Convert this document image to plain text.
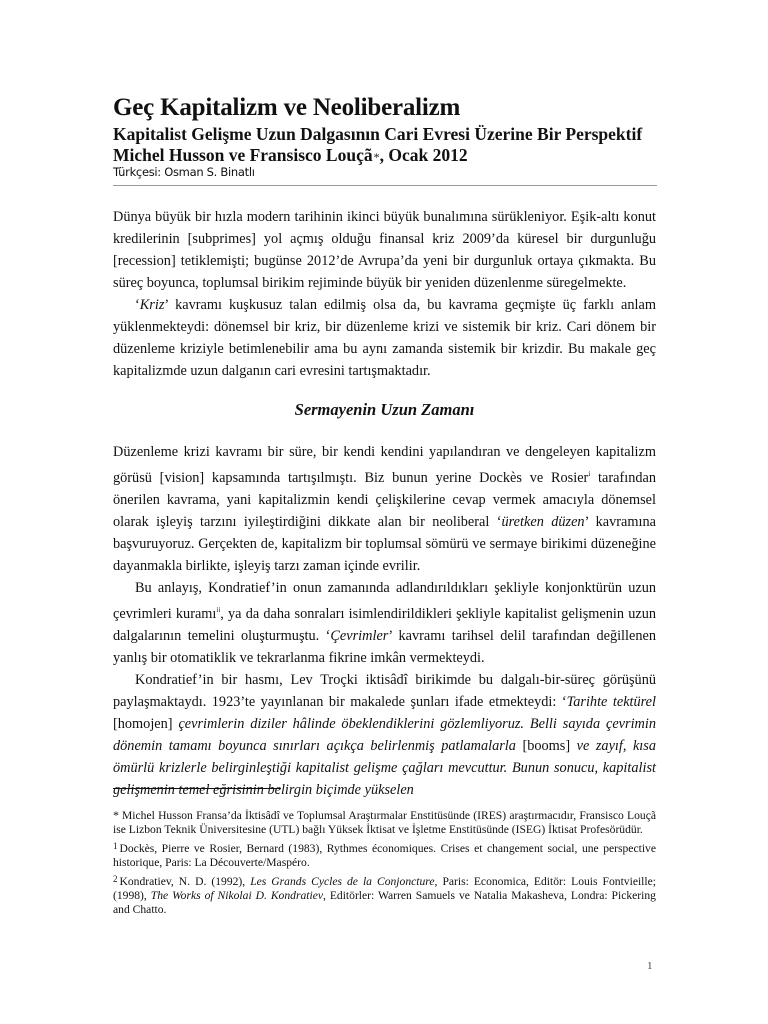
Geç Kapitalizm ve Neoliberalizm
Kapitalist Gelişme Uzun Dalgasının Cari Evresi Üzerine Bir Perspektif
Michel Husson ve Fransisco Louçã*, Ocak 2012
Türkçesi: Osman S. Binatlı

Dünya büyük bir hızla modern tarihinin ikinci büyük bunalımına sürükleniyor. Eşik-altı konut kredilerinin [subprimes] yol açmış olduğu finansal kriz 2009’da küresel bir durgunluğu [recession] tetiklemişti; bugünse 2012’de Avrupa’da yeni bir durgunluk ortaya çıkmakta. Bu süreç boyunca, toplumsal birikim rejiminde büyük bir yeniden düzenlenme süregelmekte.

‘Kriz’ kavramı kuşkusuz talan edilmiş olsa da, bu kavrama geçmişte üç farklı anlam yüklenmekteydi: dönemsel bir kriz, bir düzenleme krizi ve sistemik bir kriz. Cari dönem bir düzenleme kriziyle betimlenebilir ama bu aynı zamanda sistemik bir krizdir. Bu makale geç kapitalizmde uzun dalganın cari evresini tartışmaktadır.

Sermayenin Uzun Zamanı

Düzenleme krizi kavramı bir süre, bir kendi kendini yapılandıran ve dengeleyen kapitalizm görüsü [vision] kapsamında tartışılmıştı. Biz bunun yerine Dockès ve Rosier$^i$ tarafından önerilen kavrama, yani kapitalizmin kendi çelişkilerine cevap vermek amacıyla dönemsel olarak işleyiş tarzını iyileştirdiğini dikkate alan bir neoliberal ‘üretken düzen’ kavramına başvuruyoruz. Gerçekten de, kapitalizm bir toplumsal sömürü ve sermaye birikimi düzeneğine dayanmakla birlikte, işleyiş tarzı zaman içinde evrilir.

Bu anlayış, Kondratief’in onun zamanında adlandırıldıkları şekliyle konjonktürün uzun çevrimleri kuramı$^{ii}$, ya da daha sonraları isimlendirildikleri şekliyle kapitalist gelişmenin uzun dalgalarının temelini oluşturmuştu. ‘Çevrimler’ kavramı tarihsel delil tarafından değillenen yanlış bir otomatiklik ve tekrarlanma fikrine imkân vermekteydi.

Kondratief’in bir hasmı, Lev Troçki iktisâdî birikimde bu dalgalı-bir-süreç görüşünü paylaşmaktaydı. 1923’te yayınlanan bir makalede şunları ifade etmekteydi: ‘Tarihte tektürel [homojen] çevrimlerin diziler hâlinde öbeklendiklerini gözlemliyoruz. Belli sayıda çevrimin dönemin tamamı boyunca sınırları açıkça belirlenmiş patlamalarla [booms] ve zayıf, kısa ömürlü krizlerle belirginleştiği kapitalist gelişme çağları mevcuttur. Bunun sonucu, kapitalist gelişmenin temel eğrisinin belirgin biçimde yükselen

* Michel Husson Fransa’da İktisâdî ve Toplumsal Araştırmalar Enstitüsünde (IRES) araştırmacıdır, Fransisco Louçã ise Lizbon Teknik Üniversitesine (UTL) bağlı Yüksek İktisat ve İşletme Enstitüsünde (ISEG) İktisat Profesörüdür.

$^1$ Dockès, Pierre ve Rosier, Bernard (1983), Rythmes économiques. Crises et changement social, une perspective historique, Paris: La Découverte/Maspéro.

$^2$ Kondratiev, N. D. (1992), Les Grands Cycles de la Conjoncture, Paris: Economica, Editör: Louis Fontvieille; (1998), The Works of Nikolai D. Kondratiev, Editörler: Warren Samuels ve Natalia Makasheva, Londra: Pickering and Chatto.

1
